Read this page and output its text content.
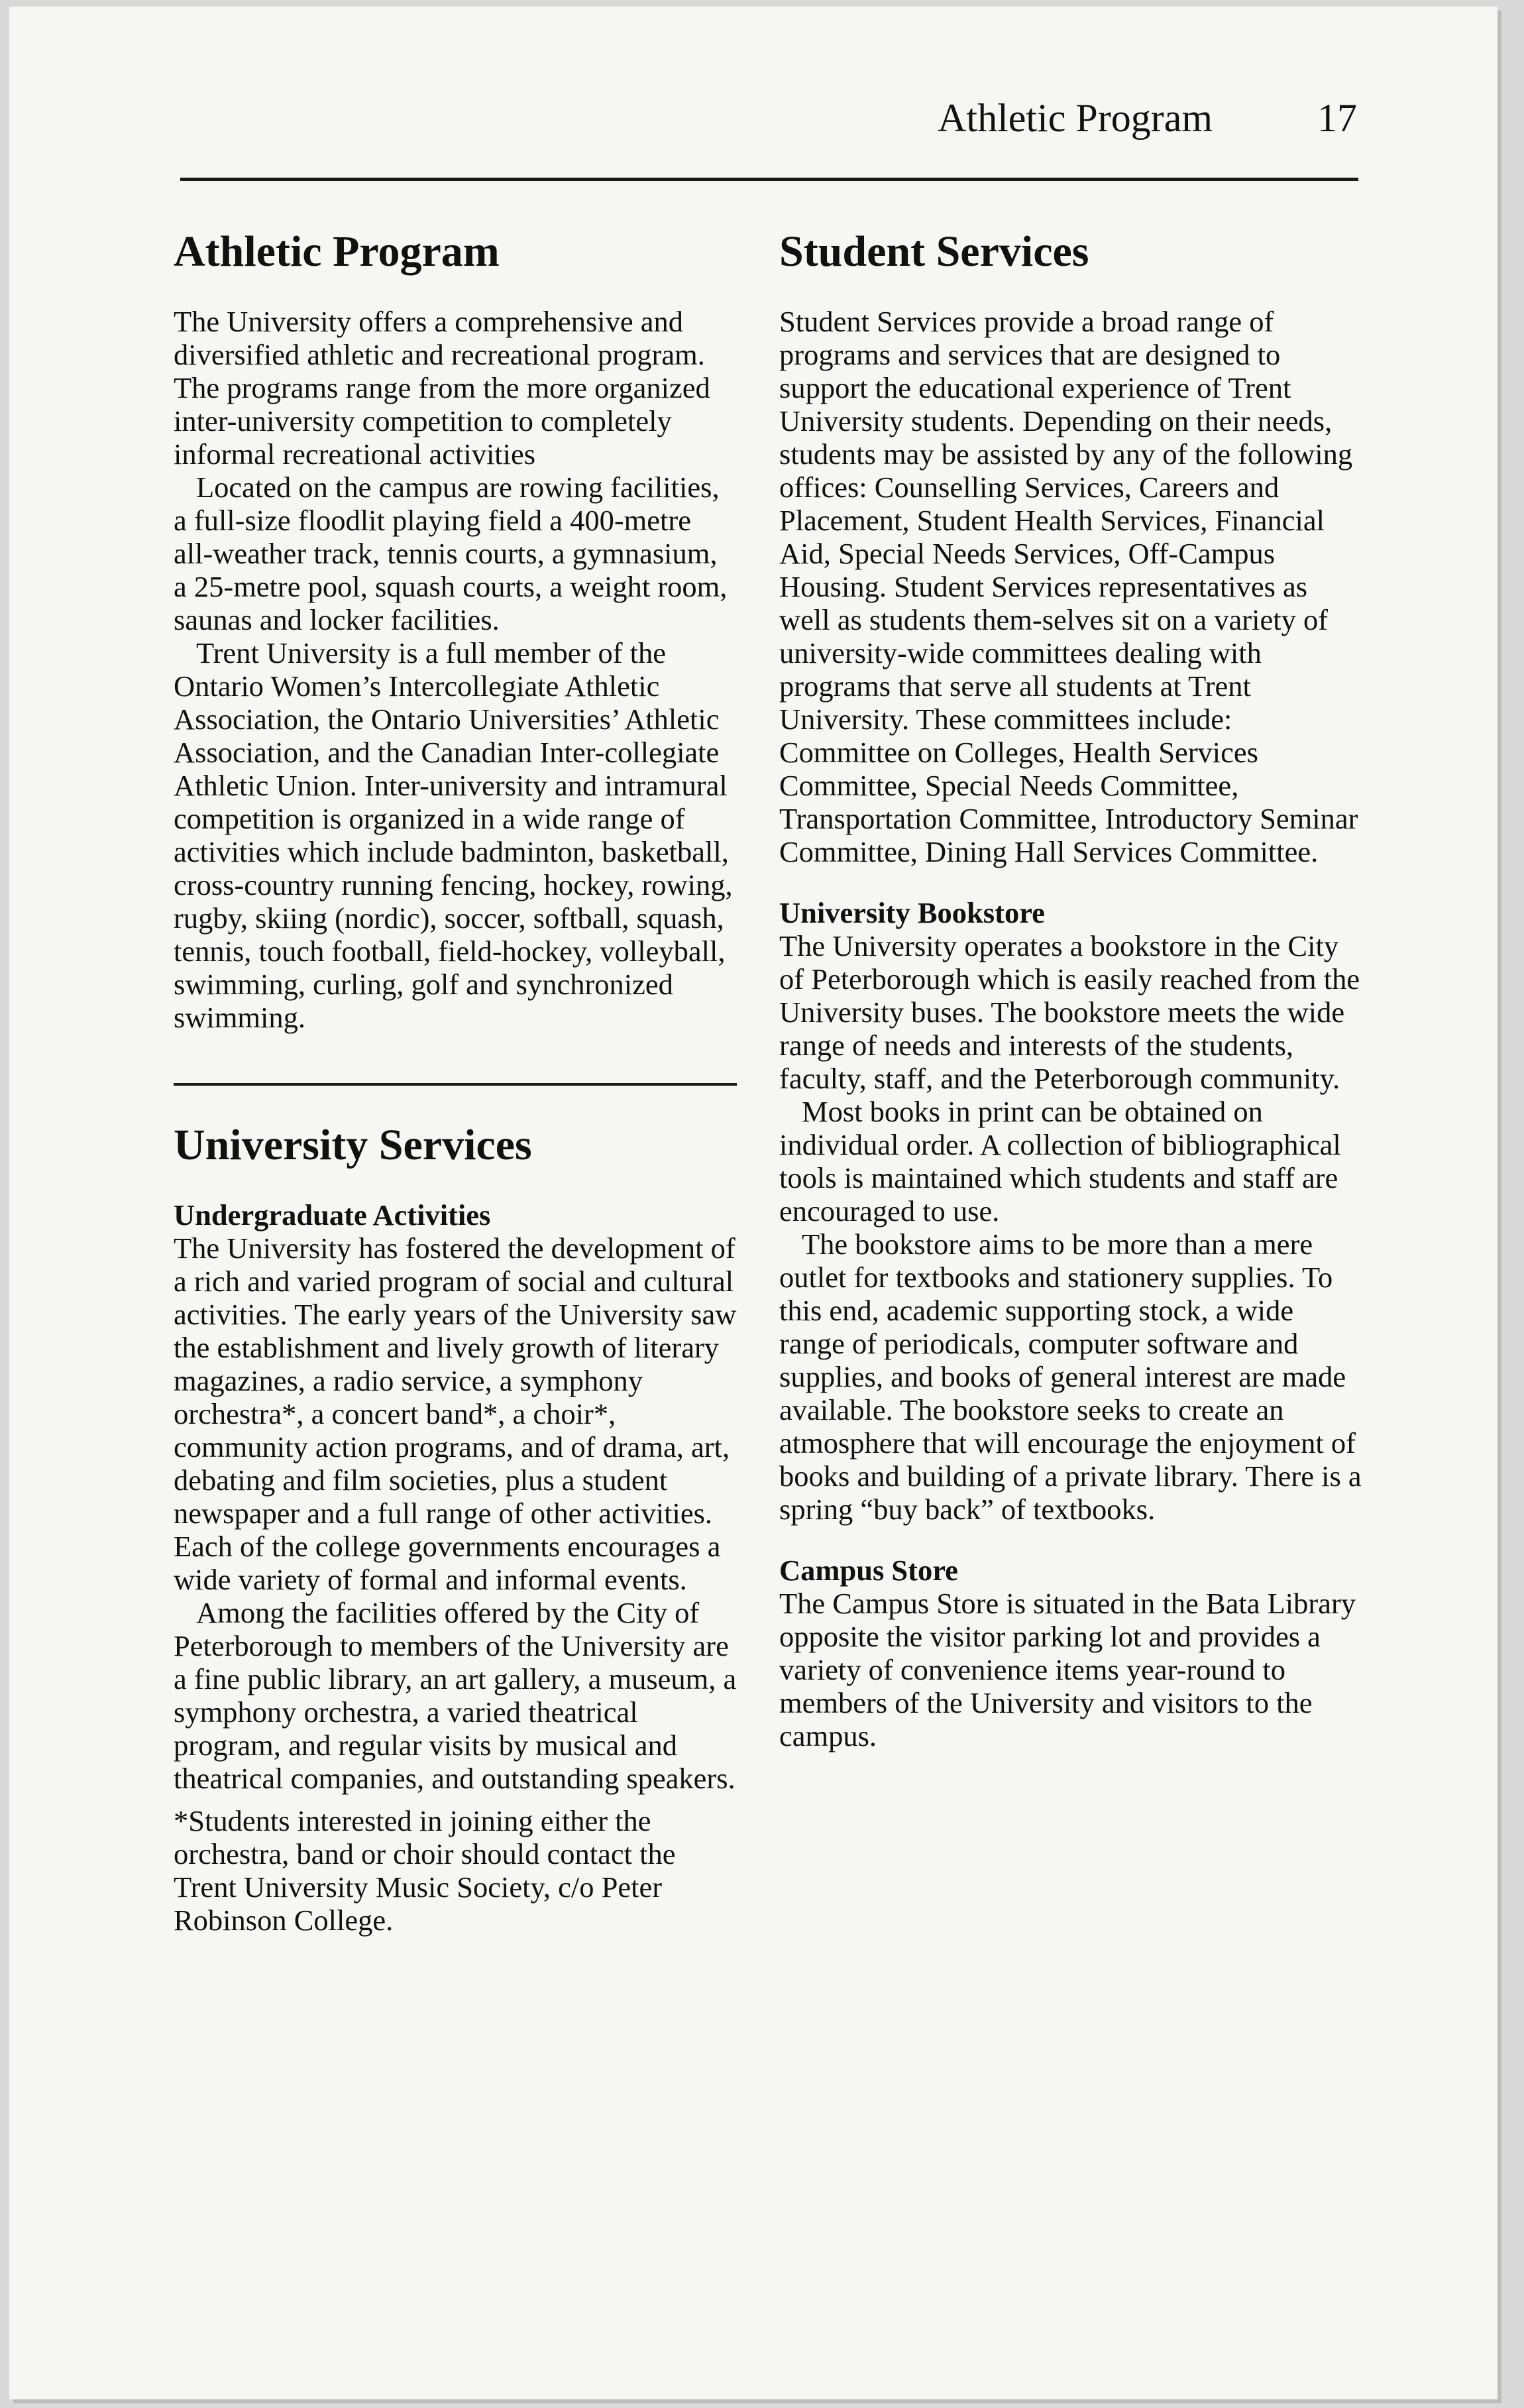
Athletic Program	17
Athletic Program

The University offers a comprehensive and diversified athletic and recreational program. The programs range from the more organized inter-university competition to completely informal recreational activities

Located on the campus are rowing facilities, a full-size floodlit playing field a 400-metre all-weather track, tennis courts, a gymnasium, a 25-metre pool, squash courts, a weight room, saunas and locker facilities.

Trent University is a full member of the Ontario Women’s Intercollegiate Athletic Association, the Ontario Universities’ Athletic Association, and the Canadian Inter-collegiate Athletic Union. Inter-university and intramural competition is organized in a wide range of activities which include badminton, basketball, cross-country running fencing, hockey, rowing, rugby, skiing (nordic), soccer, softball, squash, tennis, touch football, field-hockey, volleyball, swimming, curling, golf and synchronized swimming.

University Services
Undergraduate Activities

The University has fostered the development of a rich and varied program of social and cultural activities. The early years of the University saw the establishment and lively growth of literary magazines, a radio service, a symphony orchestra*, a concert band*, a choir*, community action programs, and of drama, art, debating and film societies, plus a student newspaper and a full range of other activities. Each of the college governments encourages a wide variety of formal and informal events.

Among the facilities offered by the City of Peterborough to members of the University are a fine public library, an art gallery, a museum, a symphony orchestra, a varied theatrical program, and regular visits by musical and theatrical companies, and outstanding speakers.

*Students interested in joining either the orchestra, band or choir should contact the Trent University Music Society, c/o Peter Robinson College.

Student Services

Student Services provide a broad range of programs and services that are designed to support the educational experience of Trent University students. Depending on their needs, students may be assisted by any of the following offices: Counselling Services, Careers and Placement, Student Health Services, Financial Aid, Special Needs Services, Off-Campus Housing. Student Services representatives as well as students them-selves sit on a variety of university-wide committees dealing with programs that serve all students at Trent University. These committees include: Committee on Colleges, Health Services Committee, Special Needs Committee, Transportation Committee, Introductory Seminar Committee, Dining Hall Services Committee.

University Bookstore

The University operates a bookstore in the City of Peterborough which is easily reached from the University buses. The bookstore meets the wide range of needs and interests of the students, faculty, staff, and the Peterborough community.

Most books in print can be obtained on individual order. A collection of bibliographical tools is maintained which students and staff are encouraged to use.

The bookstore aims to be more than a mere outlet for textbooks and stationery supplies. To this end, academic supporting stock, a wide range of periodicals, computer software and supplies, and books of general interest are made available. The bookstore seeks to create an atmosphere that will encourage the enjoyment of books and building of a private library. There is a spring “buy back” of textbooks.

Campus Store

The Campus Store is situated in the Bata Library opposite the visitor parking lot and provides a variety of convenience items year-round to members of the University and visitors to the campus.
